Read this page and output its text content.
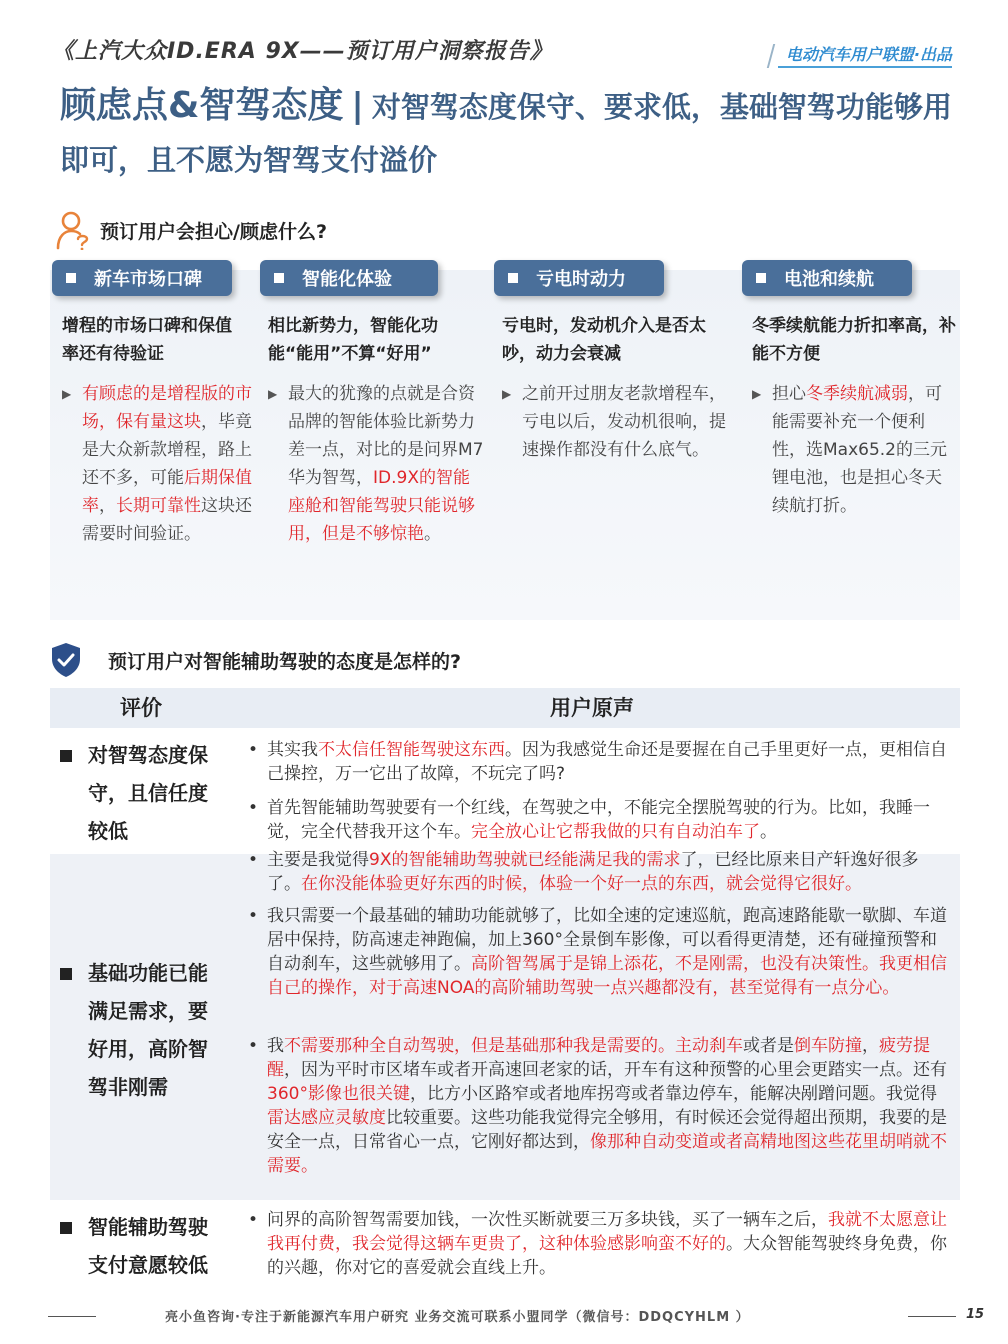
《上汽大众ID.ERA 9X——预订用户洞察报告》	电动汽车用户联盟·出品
顾虑点&智驾态度 | 对智驾态度保守、要求低，基础智驾功能够用即可，且不愿为智驾支付溢价
预订用户会担心/顾虑什么?
新车市场口碑
增程的市场口碑和保值率还有待验证
▶ 有顾虑的是增程版的市场，保有量这块，毕竟是大众新款增程，路上还不多，可能后期保值率，长期可靠性这块还需要时间验证。
智能化体验
相比新势力，智能化功能“能用”不算“好用”
▶ 最大的犹豫的点就是合资品牌的智能体验比新势力差一点，对比的是问界M7华为智驾，ID.9X的智能座舱和智能驾驶只能说够用，但是不够惊艳。
亏电时动力
亏电时，发动机介入是否太吵，动力会衰减
▶ 之前开过朋友老款增程车，亏电以后，发动机很响，提速操作都没有什么底气。
电池和续航
冬季续航能力折扣率高，补能不方便
▶ 担心冬季续航减弱，可能需要补充一个便利性，选Max65.2的三元锂电池，也是担心冬天续航打折。
预订用户对智能辅助驾驶的态度是怎样的?
评价	用户原声
对智驾态度保守，且信任度较低
• 其实我不太信任智能驾驶这东西。因为我感觉生命还是要握在自己手里更好一点，更相信自己操控，万一它出了故障，不玩完了吗?
• 首先智能辅助驾驶要有一个红线，在驾驶之中，不能完全摆脱驾驶的行为。比如，我睡一觉，完全代替我开这个车。完全放心让它帮我做的只有自动泊车了。
基础功能已能满足需求，要好用，高阶智驾非刚需
• 主要是我觉得9X的智能辅助驾驶就已经能满足我的需求了，已经比原来日产轩逸好很多了。在你没能体验更好东西的时候，体验一个好一点的东西，就会觉得它很好。
• 我只需要一个最基础的辅助功能就够了，比如全速的定速巡航，跑高速路能歇一歇脚、车道居中保持，防高速走神跑偏，加上360°全景倒车影像，可以看得更清楚，还有碰撞预警和自动刹车，这些就够用了。高阶智驾属于是锦上添花，不是刚需，也没有决策性。我更相信自己的操作，对于高速NOA的高阶辅助驾驶一点兴趣都没有，甚至觉得有一点分心。
• 我不需要那种全自动驾驶，但是基础那种我是需要的。主动刹车或者是倒车防撞，疲劳提醒，因为平时市区堵车或者开高速回老家的话，开车有这种预警的心里会更踏实一点。还有360°影像也很关键，比方小区路窄或者地库拐弯或者靠边停车，能解决剐蹭问题。我觉得雷达感应灵敏度比较重要。这些功能我觉得完全够用，有时候还会觉得超出预期，我要的是安全一点，日常省心一点，它刚好都达到，像那种自动变道或者高精地图这些花里胡哨就不需要。
智能辅助驾驶支付意愿较低
• 问界的高阶智驾需要加钱，一次性买断就要三万多块钱，买了一辆车之后，我就不太愿意让我再付费，我会觉得这辆车更贵了，这种体验感影响蛮不好的。大众智能驾驶终身免费，你的兴趣，你对它的喜爱就会直线上升。
亮小鱼咨询·专注于新能源汽车用户研究 业务交流可联系小盟同学（微信号：DDQCYHLM ）	15
